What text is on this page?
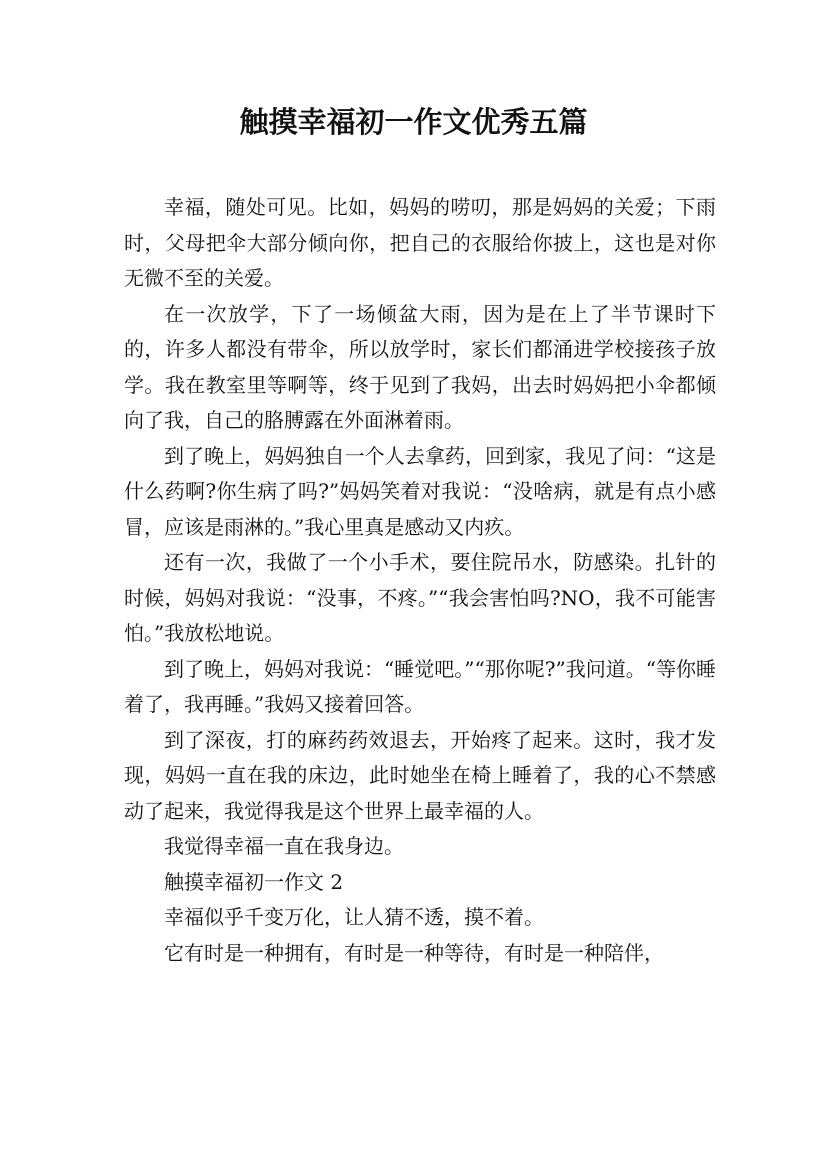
触摸幸福初一作文优秀五篇

幸福，随处可见。比如，妈妈的唠叨，那是妈妈的关爱；下雨时，父母把伞大部分倾向你，把自己的衣服给你披上，这也是对你无微不至的关爱。

在一次放学，下了一场倾盆大雨，因为是在上了半节课时下的，许多人都没有带伞，所以放学时，家长们都涌进学校接孩子放学。我在教室里等啊等，终于见到了我妈，出去时妈妈把小伞都倾向了我，自己的胳膊露在外面淋着雨。

到了晚上，妈妈独自一个人去拿药，回到家，我见了问：“这是什么药啊?你生病了吗?”妈妈笑着对我说：“没啥病，就是有点小感冒，应该是雨淋的。”我心里真是感动又内疚。

还有一次，我做了一个小手术，要住院吊水，防感染。扎针的时候，妈妈对我说：“没事，不疼。”“我会害怕吗?NO，我不可能害怕。”我放松地说。

到了晚上，妈妈对我说：“睡觉吧。”“那你呢?”我问道。“等你睡着了，我再睡。”我妈又接着回答。

到了深夜，打的麻药药效退去，开始疼了起来。这时，我才发现，妈妈一直在我的床边，此时她坐在椅上睡着了，我的心不禁感动了起来，我觉得我是这个世界上最幸福的人。

我觉得幸福一直在我身边。

触摸幸福初一作文 2

幸福似乎千变万化，让人猜不透，摸不着。

它有时是一种拥有，有时是一种等待，有时是一种陪伴，
